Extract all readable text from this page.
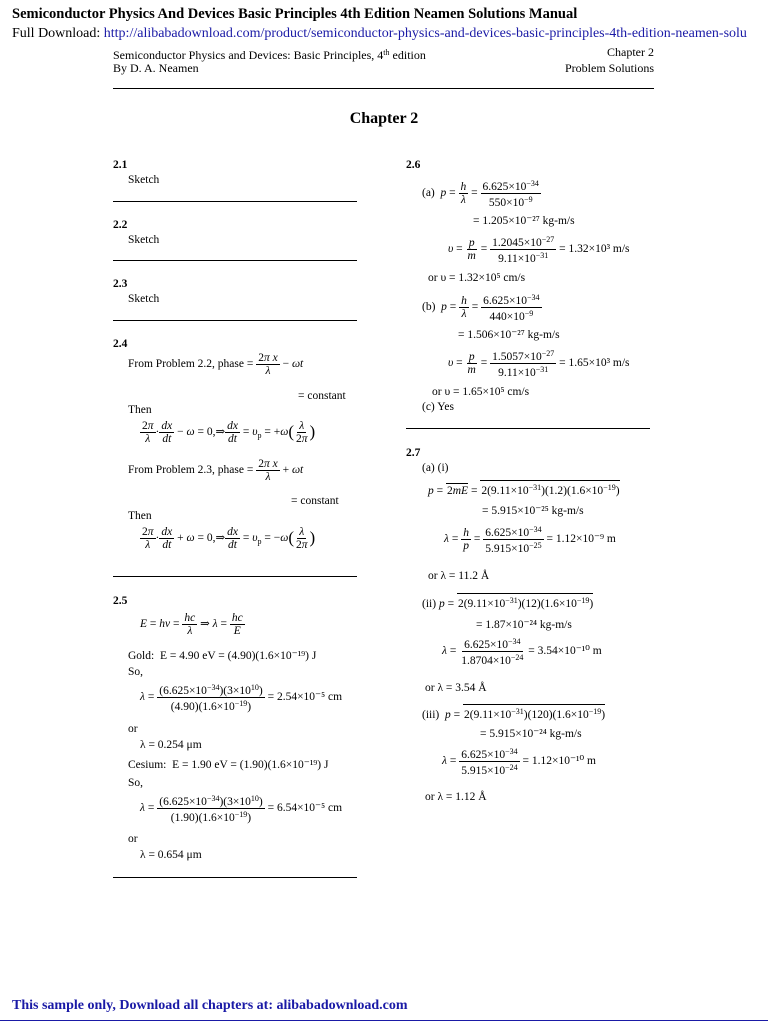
Semiconductor Physics And Devices Basic Principles 4th Edition Neamen Solutions Manual
Full Download: http://alibabadownload.com/product/semiconductor-physics-and-devices-basic-principles-4th-edition-neamen-solu
Semiconductor Physics and Devices: Basic Principles, 4th edition
By D. A. Neamen
Chapter 2
Problem Solutions
Chapter 2
2.1
Sketch
2.2
Sketch
2.3
Sketch
2.4
From Problem 2.2, phase = $\frac{\text{2π x}}{\lambda} - \omega t$
= constant
Then
$\frac{2\pi}{\lambda} \cdot \frac{dx}{dt} - \omega$ = 0,⇒ $\frac{dx}{dt} = \upsilon_p = +\omega( \frac{\lambda}{2\pi}$ )
From Problem 2.3, phase = $\frac{\text{2π x}}{\lambda} + \omega t$
= constant
Then
$\frac{2\pi}{\lambda} \cdot \frac{dx}{dt} + \omega$ = 0,⇒ $\frac{dx}{dt} = \upsilon_p = -\omega( \frac{\lambda}{2\pi}$ )
2.5
$E = h\nu = \frac{hc}{\lambda}$ ⇒ $\lambda = \frac{hc}{E}$
Gold: E = 4.90 eV = (4.90)(1.6×10⁻¹⁹) J
So,
$\lambda = \frac{(6.625\times 10^{-34})(3\times 10^{10})}{(4.90)(1.6\times 10^{-19})} = 2.54\times 10^{-5}$ cm
or
λ = 0.254 μm
Cesium: E = 1.90 eV = (1.90)(1.6×10⁻¹⁹) J
So,
$\lambda = \frac{(6.625\times 10^{-34})(3\times 10^{10})}{(1.90)(1.6\times 10^{-19})} = 6.54\times 10^{-5}$ cm
or
λ = 0.654 μm
2.6
(a) $p = \frac{h}{\lambda} = \frac{6.625\times 10^{-34}}{550\times 10^{-9}}$
= 1.205×10⁻²⁷ kg-m/s
$\upsilon = \frac{p}{m} = \frac{1.2045\times 10^{-27}}{9.11\times 10^{-31}} = 1.32\times 10^3$ m/s
or υ = 1.32×10⁵ cm/s
(b) $p = \frac{h}{\lambda} = \frac{6.625\times 10^{-34}}{440\times 10^{-9}}$
= 1.506×10⁻²⁷ kg-m/s
$\upsilon = \frac{p}{m} = \frac{1.5057\times 10^{-27}}{9.11\times 10^{-31}} = 1.65\times 10^3$ m/s
or υ = 1.65×10⁵ cm/s
(c) Yes
2.7
(a) (i)
$p = 2mE = 2(9.11\times 10^{-31})(1.2)(1.6\times 10^{-19})$
= 5.915×10⁻²⁵ kg-m/s
$\lambda = \frac{h}{p} = \frac{6.625\times 10^{-34}}{5.915\times 10^{-25}} = 1.12\times 10^{-9}$ m
or λ = 11.2 Å
(ii) $p = 2(9.11\times 10^{-31})(12)(1.6\times 10^{-19})$
= 1.87×10⁻²⁴ kg-m/s
$\lambda = \frac{6.625\times 10^{-34}}{1.8704\times 10^{-24}} = 3.54\times 10^{-10}$ m
or λ = 3.54 Å
(iii) $p = 2(9.11\times 10^{-31})(120)(1.6\times 10^{-19})$
= 5.915×10⁻²⁴ kg-m/s
$\lambda = \frac{6.625\times 10^{-34}}{5.915\times 10^{-24}} = 1.12\times 10^{-10}$ m
or λ = 1.12 Å
This sample only, Download all chapters at: alibabadownload.com
